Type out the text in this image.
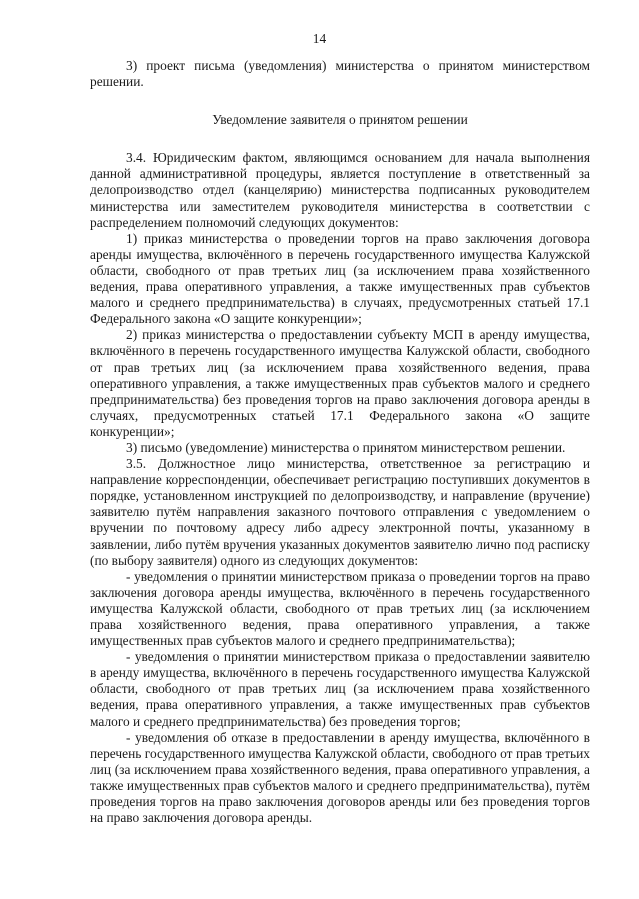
14

3) проект письма (уведомления) министерства о принятом министерством решении.

Уведомление заявителя о принятом решении

3.4. Юридическим фактом, являющимся основанием для начала выполнения данной административной процедуры, является поступление в ответственный за делопроизводство отдел (канцелярию) министерства подписанных руководителем министерства или заместителем руководителя министерства в соответствии с распределением полномочий следующих документов:

1) приказ министерства о проведении торгов на право заключения договора аренды имущества, включённого в перечень государственного имущества Калужской области, свободного от прав третьих лиц (за исключением права хозяйственного ведения, права оперативного управления, а также имущественных прав субъектов малого и среднего предпринимательства) в случаях, предусмотренных статьей 17.1 Федерального закона «О защите конкуренции»;

2) приказ министерства о предоставлении субъекту МСП в аренду имущества, включённого в перечень государственного имущества Калужской области, свободного от прав третьих лиц (за исключением права хозяйственного ведения, права оперативного управления, а также имущественных прав субъектов малого и среднего предпринимательства) без проведения торгов на право заключения договора аренды в случаях, предусмотренных статьей 17.1 Федерального закона «О защите конкуренции»;

3) письмо (уведомление) министерства о принятом министерством решении.

3.5. Должностное лицо министерства, ответственное за регистрацию и направление корреспонденции, обеспечивает регистрацию поступивших документов в порядке, установленном инструкцией по делопроизводству, и направление (вручение) заявителю путём направления заказного почтового отправления с уведомлением о вручении по почтовому адресу либо адресу электронной почты, указанному в заявлении, либо путём вручения указанных документов заявителю лично под расписку (по выбору заявителя) одного из следующих документов:

- уведомления о принятии министерством приказа о проведении торгов на право заключения договора аренды имущества, включённого в перечень государственного имущества Калужской области, свободного от прав третьих лиц (за исключением права хозяйственного ведения, права оперативного управления, а также имущественных прав субъектов малого и среднего предпринимательства);

- уведомления о принятии министерством приказа о предоставлении заявителю в аренду имущества, включённого в перечень государственного имущества Калужской области, свободного от прав третьих лиц (за исключением права хозяйственного ведения, права оперативного управления, а также имущественных прав субъектов малого и среднего предпринимательства) без проведения торгов;

- уведомления об отказе в предоставлении в аренду имущества, включённого в перечень государственного имущества Калужской области, свободного от прав третьих лиц (за исключением права хозяйственного ведения, права оперативного управления, а также имущественных прав субъектов малого и среднего предпринимательства), путём проведения торгов на право заключения договоров аренды или без проведения торгов на право заключения договора аренды.
